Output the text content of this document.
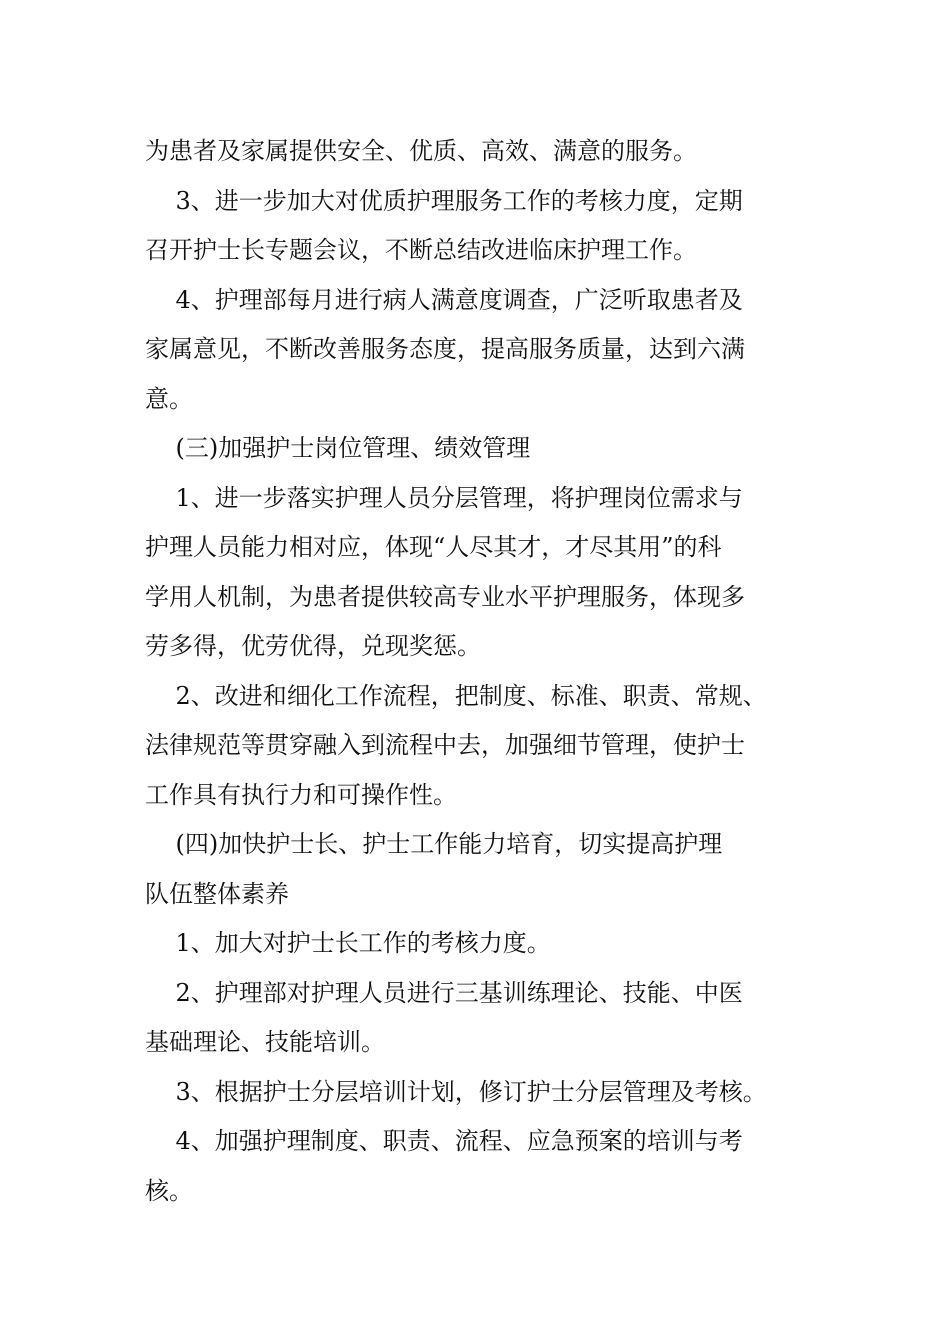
为患者及家属提供安全、优质、高效、满意的服务。

3、进一步加大对优质护理服务工作的考核力度，定期

召开护士长专题会议，不断总结改进临床护理工作。

4、护理部每月进行病人满意度调查，广泛听取患者及

家属意见，不断改善服务态度，提高服务质量，达到六满

意。

(三)加强护士岗位管理、绩效管理

1、进一步落实护理人员分层管理，将护理岗位需求与

护理人员能力相对应，体现“人尽其才，才尽其用”的科

学用人机制，为患者提供较高专业水平护理服务，体现多

劳多得，优劳优得，兑现奖惩。

2、改进和细化工作流程，把制度、标准、职责、常规、

法律规范等贯穿融入到流程中去，加强细节管理，使护士

工作具有执行力和可操作性。

(四)加快护士长、护士工作能力培育，切实提高护理

队伍整体素养

1、加大对护士长工作的考核力度。

2、护理部对护理人员进行三基训练理论、技能、中医

基础理论、技能培训。

3、根据护士分层培训计划，修订护士分层管理及考核。

4、加强护理制度、职责、流程、应急预案的培训与考

核。
